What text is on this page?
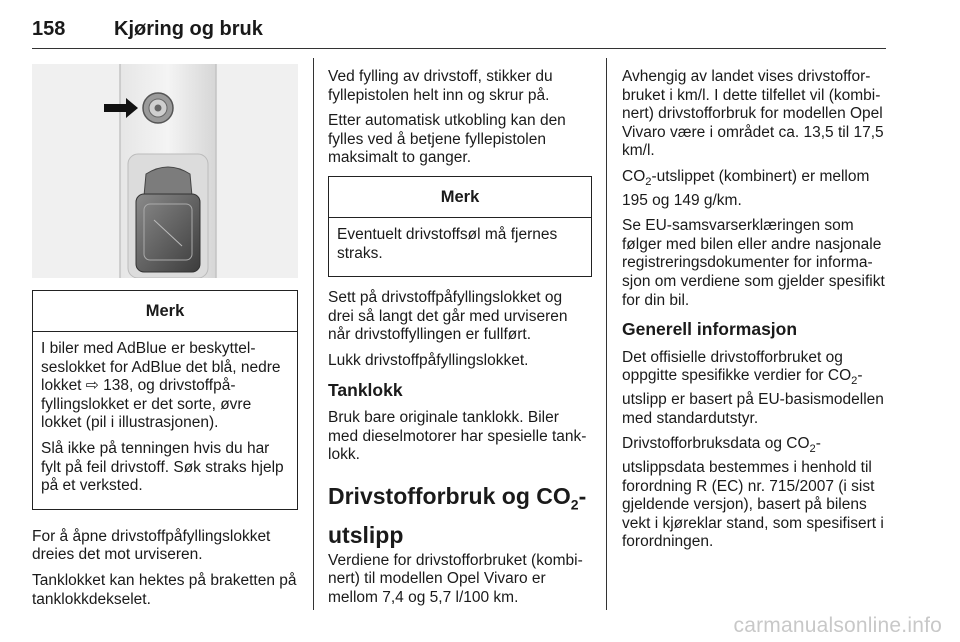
158 Kjøring og bruk
Merk

I biler med AdBlue er beskyttelseslokket for AdBlue det blå, nedre lokket ⇨ 138, og drivstoffpåfyllingslokket er det sorte, øvre lokket (pil i illustrasjonen).

Slå ikke på tenningen hvis du har fylt på feil drivstoff. Søk straks hjelp på et verksted.

For å åpne drivstoffpåfyllingslokket dreies det mot urviseren.

Tanklokket kan hektes på braketten på tanklokkdekselet.

Ved fylling av drivstoff, stikker du fyllepistolen helt inn og skrur på.

Etter automatisk utkobling kan den fylles ved å betjene fyllepistolen maksimalt to ganger.

Merk

Eventuelt drivstoffsøl må fjernes straks.

Sett på drivstoffpåfyllingslokket og drei så langt det går med urviseren når drivstoffyllingen er fullført.

Lukk drivstoffpåfyllingslokket.

Tanklokk

Bruk bare originale tanklokk. Biler med dieselmotorer har spesielle tanklokk.

Drivstofforbruk og $CO_2$-utslipp

Verdiene for drivstofforbruket (kombinert) til modellen Opel Vivaro er mellom 7,4 og 5,7 l/100 km.

Avhengig av landet vises drivstofforbruket i km/l. I dette tilfellet vil (kombinert) drivstofforbruk for modellen Opel Vivaro være i området ca. 13,5 til 17,5 km/l.

$CO_2$-utslippet (kombinert) er mellom 195 og 149 g/km.

Se EU-samsvarserklæringen som følger med bilen eller andre nasjonale registreringsdokumenter for informasjon om verdiene som gjelder spesifikt for din bil.

Generell informasjon

Det offisielle drivstofforbruket og oppgitte spesifikke verdier for $CO_2$-utslipp er basert på EU-basismodellen med standardutstyr.

Drivstofforbruksdata og $CO_2$-utslippsdata bestemmes i henhold til forordning R (EC) nr. 715/2007 (i sist gjeldende versjon), basert på bilens vekt i kjøreklar stand, som spesifisert i forordningen.

carmanualsonline.info
